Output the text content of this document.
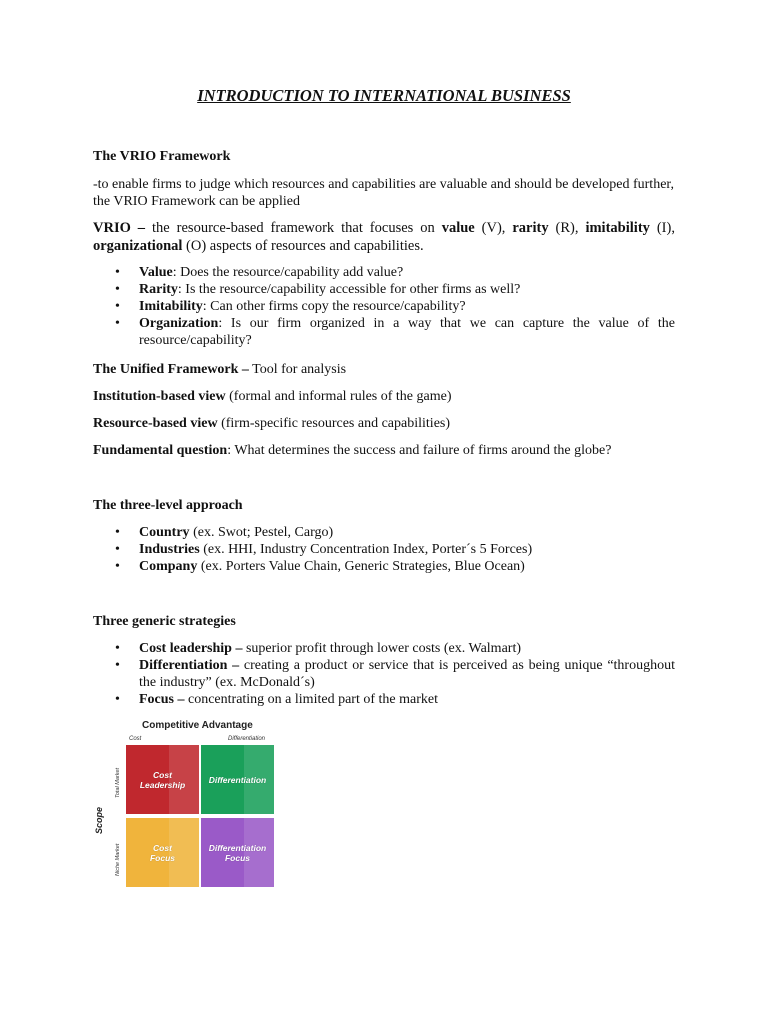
INTRODUCTION TO INTERNATIONAL BUSINESS
The VRIO Framework
-to enable firms to judge which resources and capabilities are valuable and should be developed further, the VRIO Framework can be applied
VRIO – the resource-based framework that focuses on value (V), rarity (R), imitability (I), organizational (O) aspects of resources and capabilities.
• Value: Does the resource/capability add value?
• Rarity: Is the resource/capability accessible for other firms as well?
• Imitability: Can other firms copy the resource/capability?
• Organization: Is our firm organized in a way that we can capture the value of the resource/capability?
The Unified Framework – Tool for analysis
Institution-based view (formal and informal rules of the game)
Resource-based view (firm-specific resources and capabilities)
Fundamental question: What determines the success and failure of firms around the globe?
The three-level approach
• Country (ex. Swot; Pestel, Cargo)
• Industries (ex. HHI, Industry Concentration Index, Porter´s 5 Forces)
• Company (ex. Porters Value Chain, Generic Strategies, Blue Ocean)
Three generic strategies
• Cost leadership – superior profit through lower costs (ex. Walmart)
• Differentiation – creating a product or service that is perceived as being unique “throughout the industry” (ex. McDonald´s)
• Focus – concentrating on a limited part of the market
Competitive Advantage
Cost	Differentiation
Scope
Total Market
Niche Market
Cost
Leadership	Differentiation
Cost
Focus
Differentiation
Focus
